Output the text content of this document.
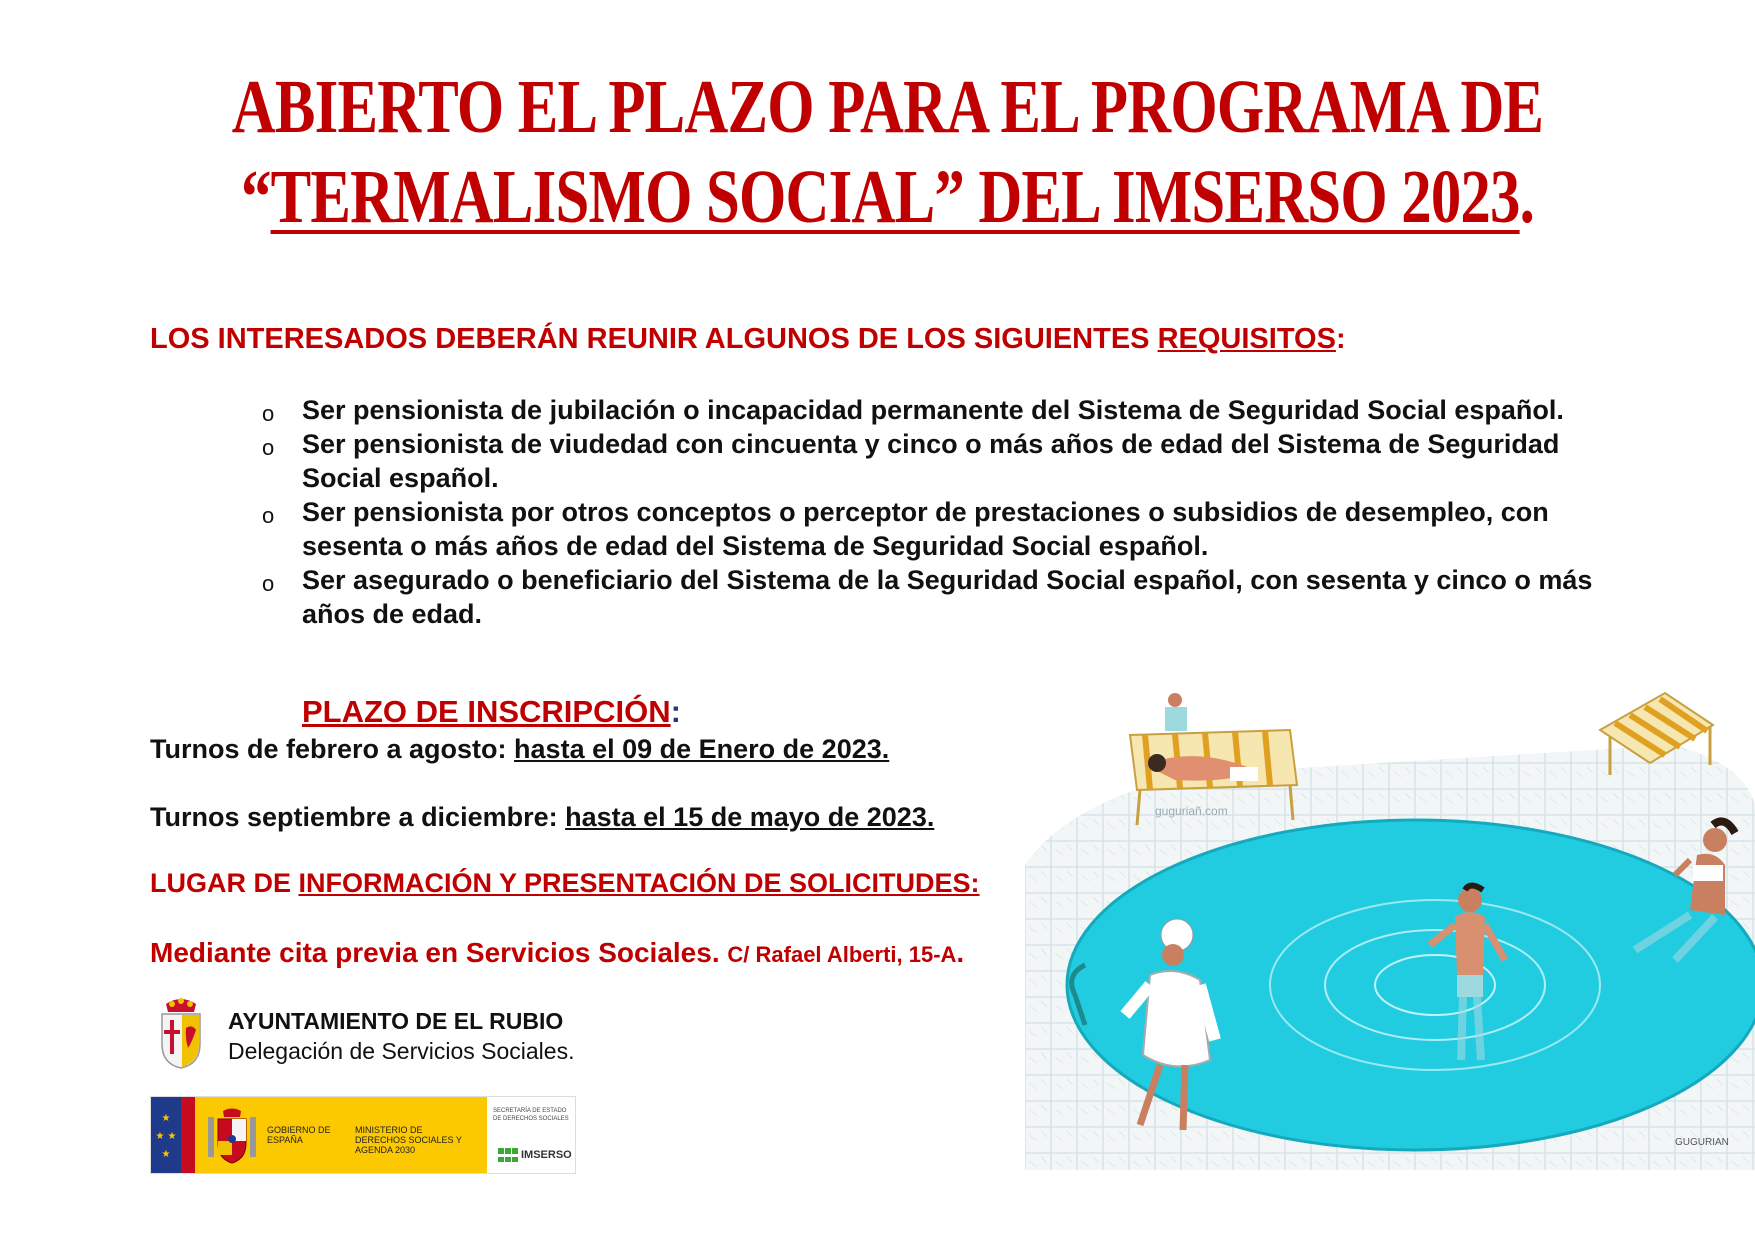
ABIERTO EL PLAZO PARA EL PROGRAMA DE
“TERMALISMO SOCIAL” DEL IMSERSO 2023.
LOS INTERESADOS DEBERÁN REUNIR ALGUNOS DE LOS SIGUIENTES REQUISITOS:
o Ser pensionista de jubilación o incapacidad permanente del Sistema de Seguridad Social español.
o Ser pensionista de viudedad con cincuenta y cinco o más años de edad del Sistema de Seguridad Social español.
o Ser pensionista por otros conceptos o perceptor de prestaciones o subsidios de desempleo, con sesenta o más años de edad del Sistema de Seguridad Social español.
o Ser asegurado o beneficiario del Sistema de la Seguridad Social español, con sesenta y cinco o más años de edad.
PLAZO DE INSCRIPCIÓN:
Turnos de febrero a agosto: hasta el 09 de Enero de 2023.
Turnos septiembre a diciembre: hasta el 15 de mayo de 2023.
LUGAR DE INFORMACIÓN Y PRESENTACIÓN DE SOLICITUDES:
Mediante cita previa en Servicios Sociales. C/ Rafael Alberti, 15-A.
AYUNTAMIENTO DE EL RUBIO
Delegación de Servicios Sociales.
★
★ ★
★
GOBIERNO DE ESPAÑA
MINISTERIO DE DERECHOS SOCIALES Y AGENDA 2030
SECRETARÍA DE ESTADO DE DERECHOS SOCIALES
IMSERSO
guguriañ.com
GUGURIAN
